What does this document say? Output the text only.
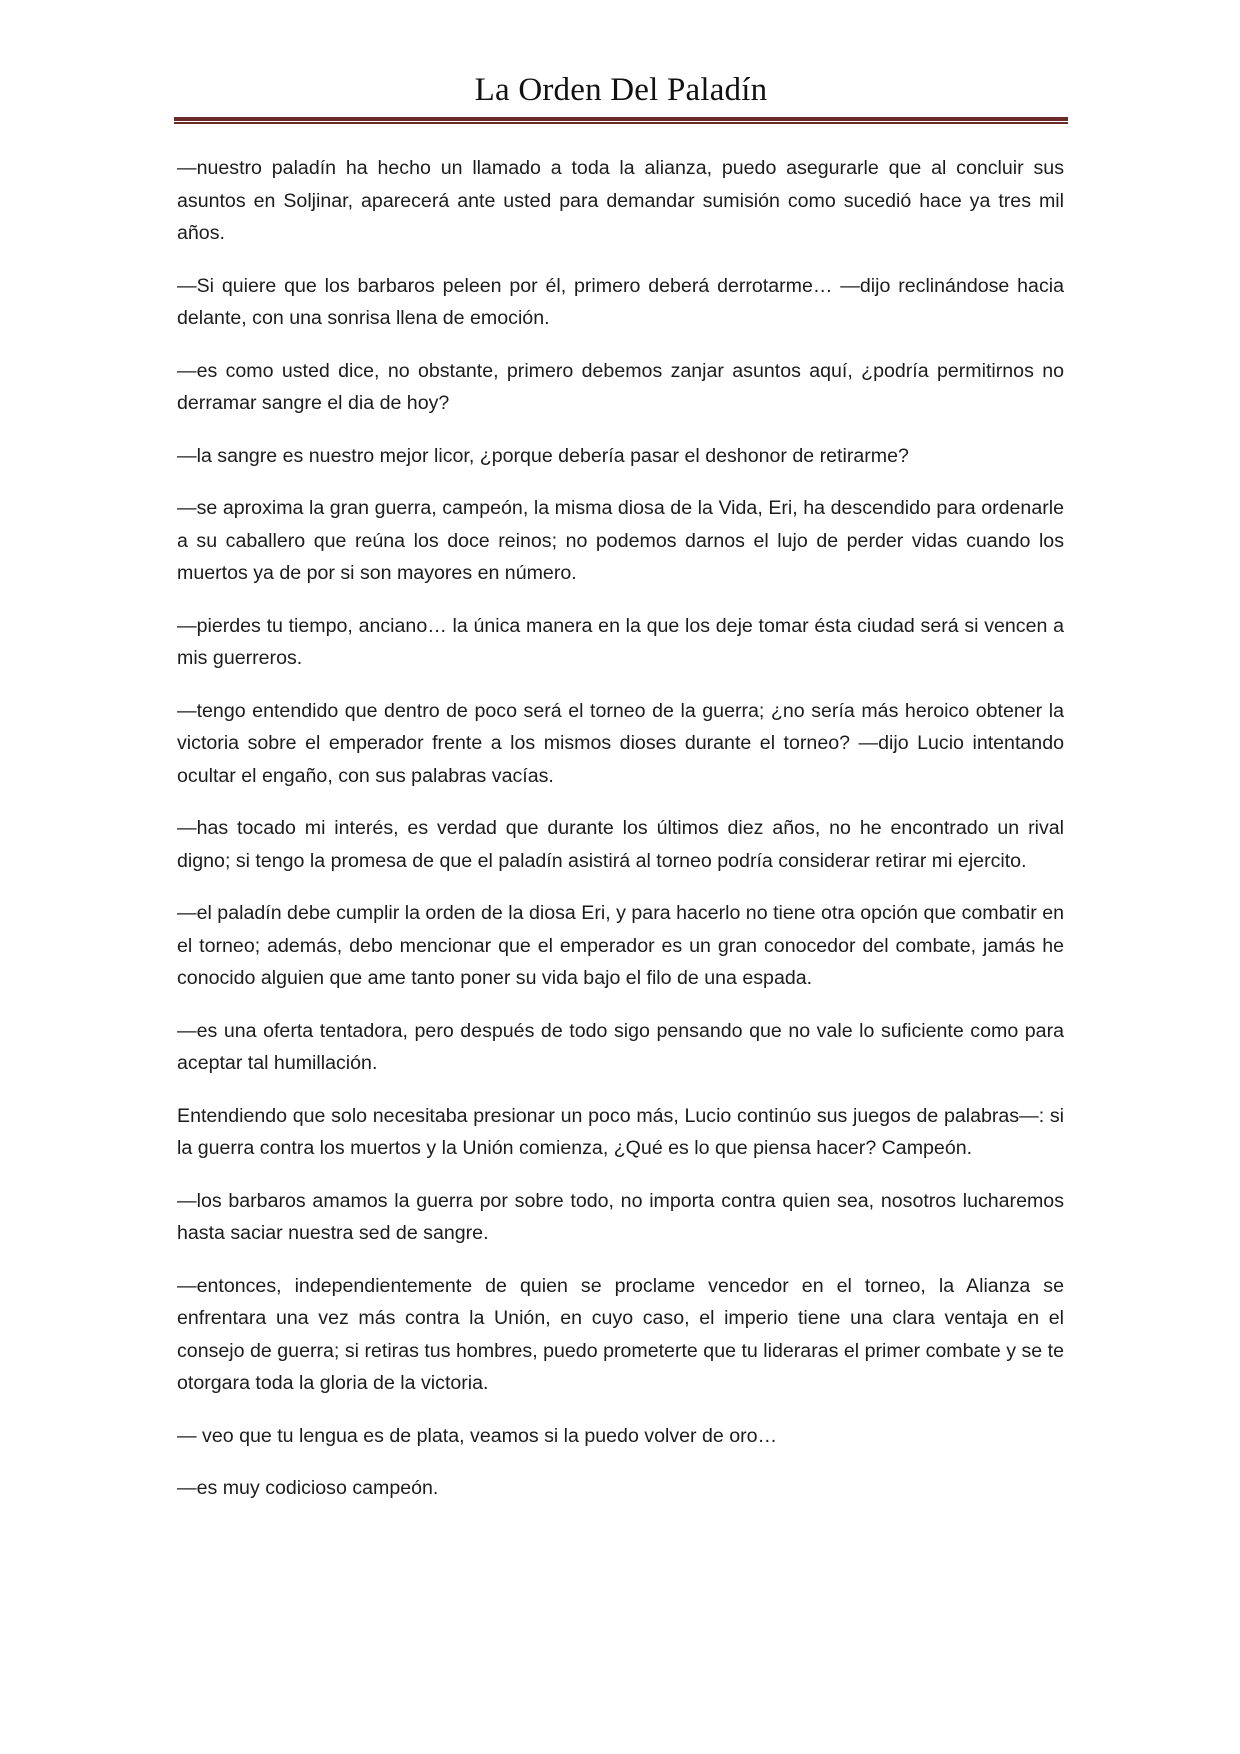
La Orden Del Paladín

—nuestro paladín ha hecho un llamado a toda la alianza, puedo asegurarle que al concluir sus asuntos en Soljinar, aparecerá ante usted para demandar sumisión como sucedió hace ya tres mil años.

—Si quiere que los barbaros peleen por él, primero deberá derrotarme… —dijo reclinándose hacia delante, con una sonrisa llena de emoción.

—es como usted dice, no obstante, primero debemos zanjar asuntos aquí, ¿podría permitirnos no derramar sangre el dia de hoy?

—la sangre es nuestro mejor licor, ¿porque debería pasar el deshonor de retirarme?

—se aproxima la gran guerra, campeón, la misma diosa de la Vida, Eri, ha descendido para ordenarle a su caballero que reúna los doce reinos; no podemos darnos el lujo de perder vidas cuando los muertos ya de por si son mayores en número.

—pierdes tu tiempo, anciano… la única manera en la que los deje tomar ésta ciudad será si vencen a mis guerreros.

—tengo entendido que dentro de poco será el torneo de la guerra; ¿no sería más heroico obtener la victoria sobre el emperador frente a los mismos dioses durante el torneo? —dijo Lucio intentando ocultar el engaño, con sus palabras vacías.

—has tocado mi interés, es verdad que durante los últimos diez años, no he encontrado un rival digno; si tengo la promesa de que el paladín asistirá al torneo podría considerar retirar mi ejercito.

—el paladín debe cumplir la orden de la diosa Eri, y para hacerlo no tiene otra opción que combatir en el torneo; además, debo mencionar que el emperador es un gran conocedor del combate, jamás he conocido alguien que ame tanto poner su vida bajo el filo de una espada.

—es una oferta tentadora, pero después de todo sigo pensando que no vale lo suficiente como para aceptar tal humillación.

Entendiendo que solo necesitaba presionar un poco más, Lucio continúo sus juegos de palabras—: si la guerra contra los muertos y la Unión comienza, ¿Qué es lo que piensa hacer? Campeón.

—los barbaros amamos la guerra por sobre todo, no importa contra quien sea, nosotros lucharemos hasta saciar nuestra sed de sangre.

—entonces, independientemente de quien se proclame vencedor en el torneo, la Alianza se enfrentara una vez más contra la Unión, en cuyo caso, el imperio tiene una clara ventaja en el consejo de guerra; si retiras tus hombres, puedo prometerte que tu lideraras el primer combate y se te otorgara toda la gloria de la victoria.

— veo que tu lengua es de plata, veamos si la puedo volver de oro…

—es muy codicioso campeón.
